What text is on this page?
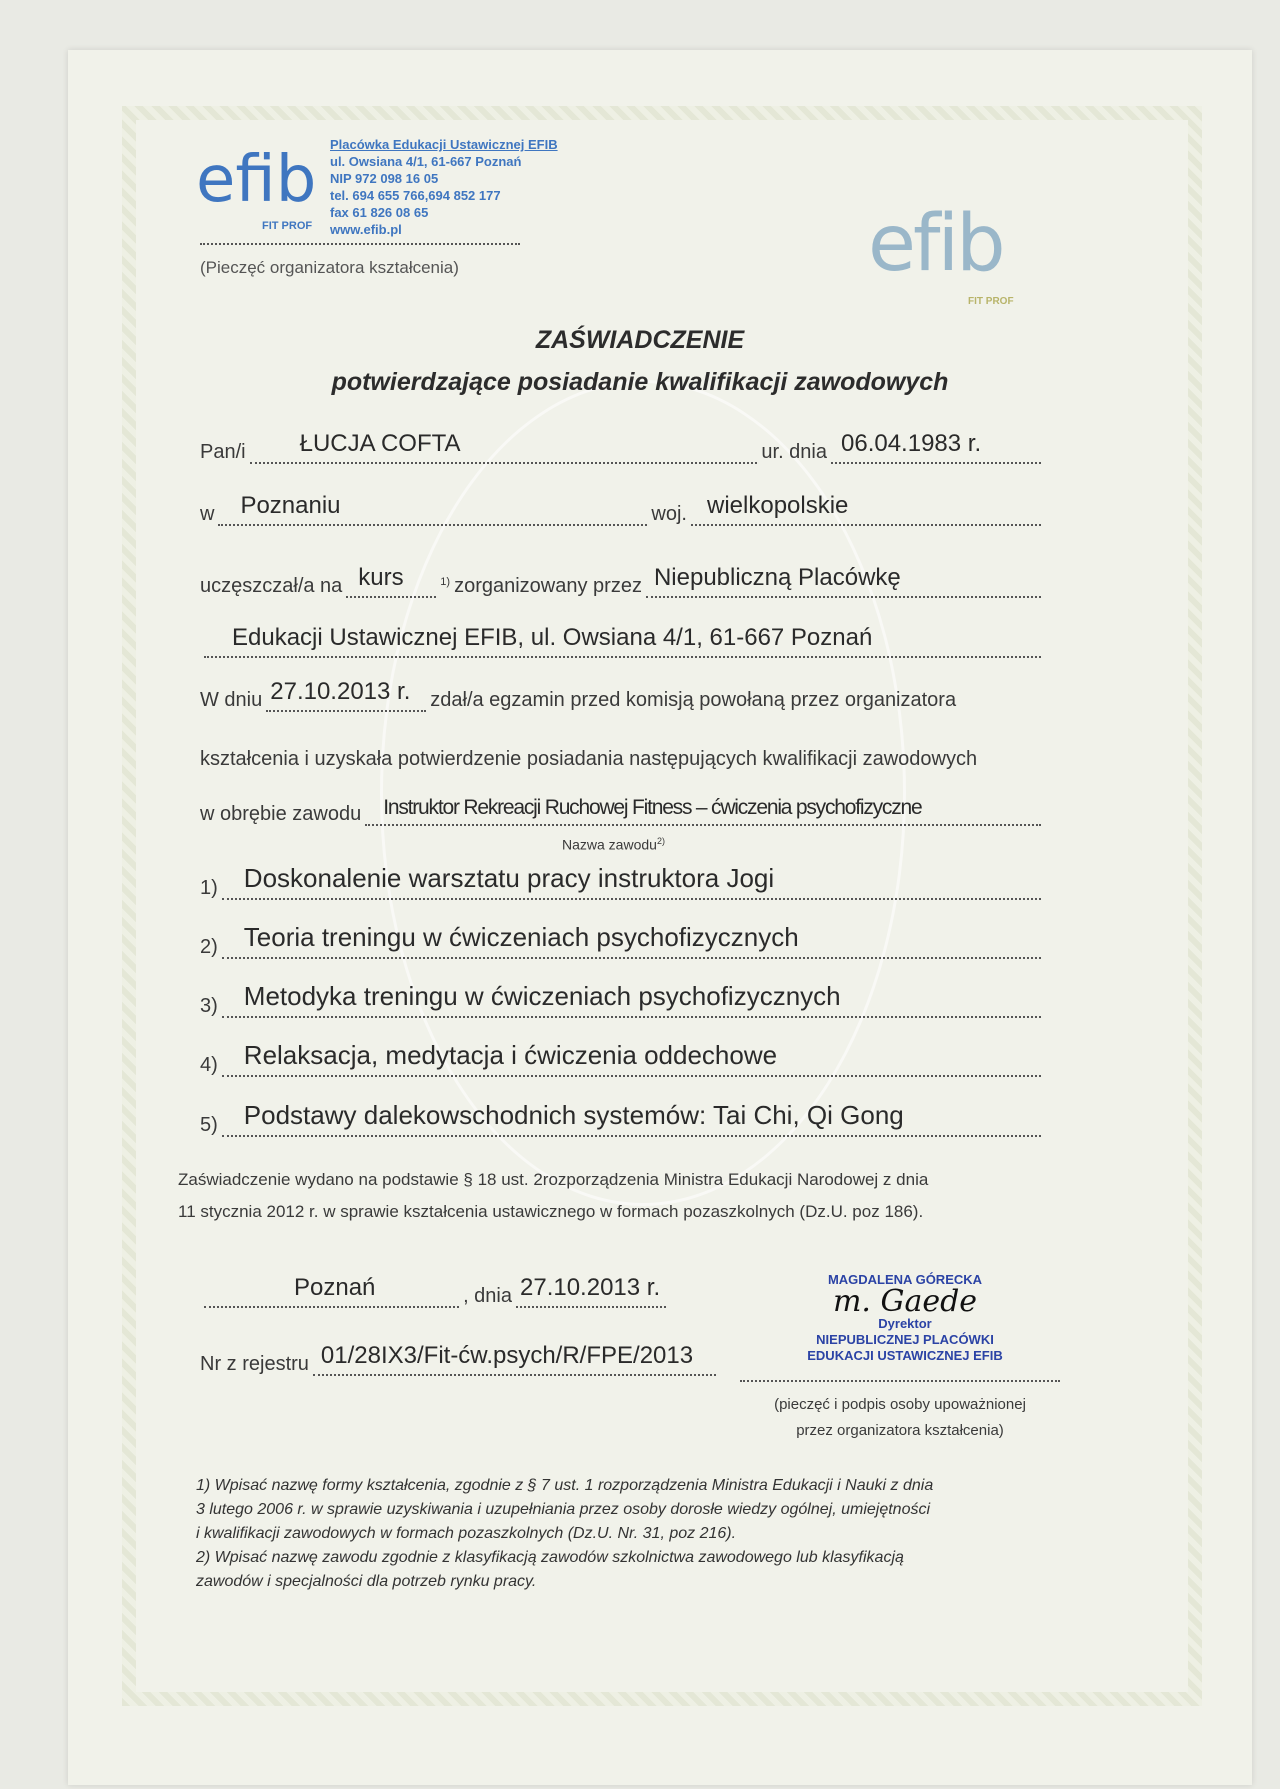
efib
FIT PROF
Placówka Edukacji Ustawicznej EFIB
ul. Owsiana 4/1, 61-667 Poznań
NIP 972 098 16 05
tel. 694 655 766,694 852 177
fax 61 826 08 65
www.efib.pl
(Pieczęć organizatora kształcenia)	efib
FIT PROF
ZAŚWIADCZENIE
potwierdzające posiadanie kwalifikacji zawodowych
Pan/i ŁUCJA COFTA	ur. dnia 06.04.1983 r.
w Poznaniu	woj. wielkopolskie
uczęszczał/a na kurs	$^{1)}$ zorganizowany przez Niepubliczną Placówkę
Edukacji Ustawicznej EFIB, ul. Owsiana 4/1, 61-667 Poznań
W dniu 27.10.2013 r. zdał/a egzamin przed komisją powołaną przez organizatora
kształcenia i uzyskała potwierdzenie posiadania następujących kwalifikacji zawodowych
w obrębie zawodu Instruktor Rekreacji Ruchowej Fitness – ćwiczenia psychofizyczne
Nazwa zawodu$^{2)}$
1) Doskonalenie warsztatu pracy instruktora Jogi
2) Teoria treningu w ćwiczeniach psychofizycznych
3) Metodyka treningu w ćwiczeniach psychofizycznych
4) Relaksacja, medytacja i ćwiczenia oddechowe
5) Podstawy dalekowschodnich systemów: Tai Chi, Qi Gong
Zaświadczenie wydano na podstawie § 18 ust. 2rozporządzenia Ministra Edukacji Narodowej z dnia
11 stycznia 2012 r. w sprawie kształcenia ustawicznego w formach pozaszkolnych (Dz.U. poz 186).
Poznań	, dnia 27.10.2013 r.
Nr z rejestru 01/28IX3/Fit-ćw.psych/R/FPE/2013
MAGDALENA GÓRECKA
m. Gaede
Dyrektor
NIEPUBLICZNEJ PLACÓWKI
EDUKACJI USTAWICZNEJ EFIB
(pieczęć i podpis osoby upoważnionej
przez organizatora kształcenia)
1) Wpisać nazwę formy kształcenia, zgodnie z § 7 ust. 1 rozporządzenia Ministra Edukacji i Nauki z dnia
3 lutego 2006 r. w sprawie uzyskiwania i uzupełniania przez osoby dorosłe wiedzy ogólnej, umiejętności
i kwalifikacji zawodowych w formach pozaszkolnych (Dz.U. Nr. 31, poz 216).
2) Wpisać nazwę zawodu zgodnie z klasyfikacją zawodów szkolnictwa zawodowego lub klasyfikacją
zawodów i specjalności dla potrzeb rynku pracy.
